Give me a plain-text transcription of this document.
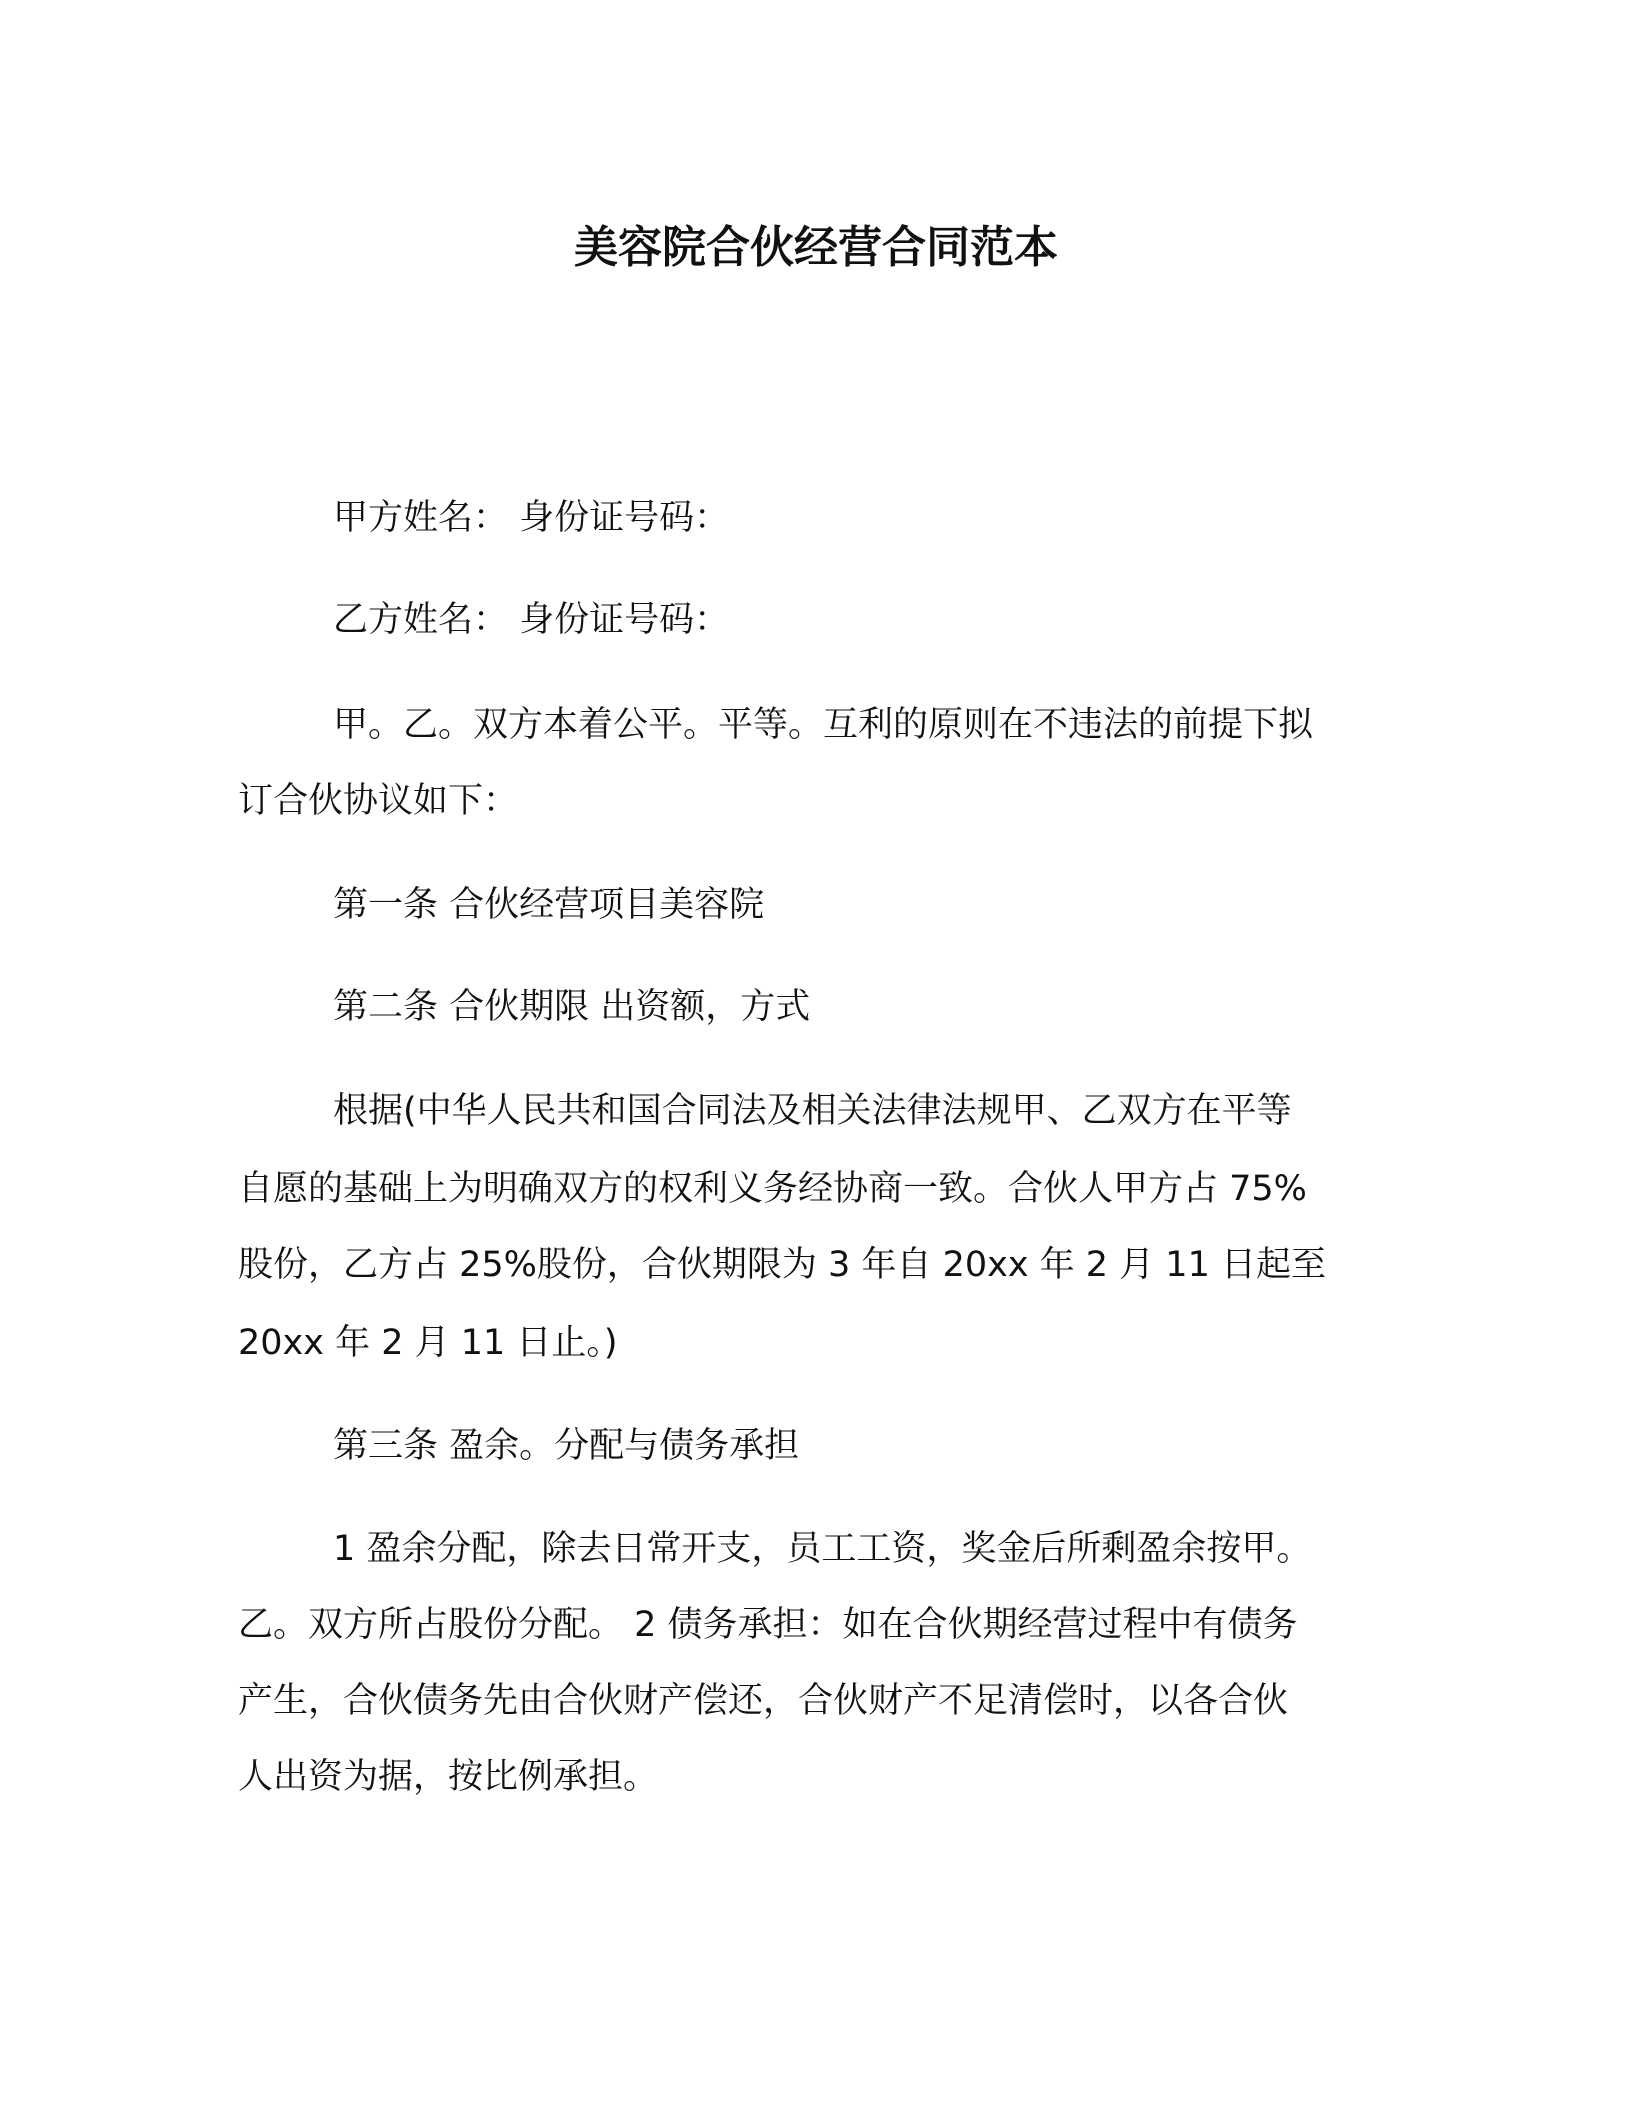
美容院合伙经营合同范本
甲方姓名： 身份证号码：
乙方姓名： 身份证号码：
甲。乙。双方本着公平。平等。互利的原则在不违法的前提下拟
订合伙协议如下：
第一条 合伙经营项目美容院
第二条 合伙期限 出资额，方式
根据(中华人民共和国合同法及相关法律法规甲、乙双方在平等
自愿的基础上为明确双方的权利义务经协商一致。合伙人甲方占 75%
股份，乙方占 25%股份，合伙期限为 3 年自 20xx 年 2 月 11 日起至
20xx 年 2 月 11 日止。)
第三条 盈余。分配与债务承担
1 盈余分配，除去日常开支，员工工资，奖金后所剩盈余按甲。
乙。双方所占股份分配。 2 债务承担：如在合伙期经营过程中有债务
产生，合伙债务先由合伙财产偿还，合伙财产不足清偿时，以各合伙
人出资为据，按比例承担。
